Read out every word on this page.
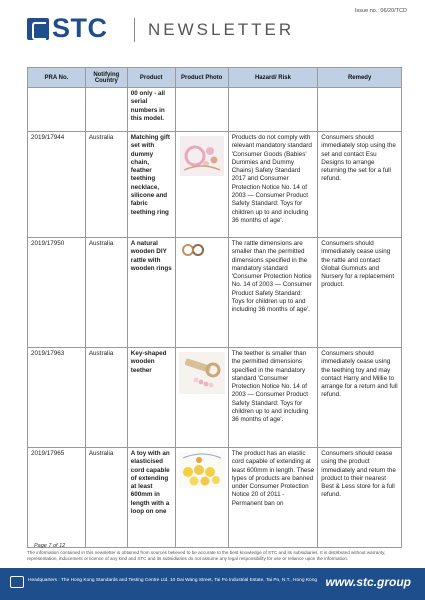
STC NEWSLETTER
Issue no.: 06/20/TCD
PRA No.	Notifying Country	Product	Product Photo	Hazard/ Risk	Remedy
		00 only - all serial numbers in this model.			
2019/17944	Australia	Matching gift set with dummy chain, feather teething necklace, silicone and fabric teething ring		Products do not comply with relevant mandatory standard 'Consumer Goods (Babies' Dummies and Dummy Chains) Safety Standard 2017 and Consumer Protection Notice No. 14 of 2003 — Consumer Product Safety Standard: Toys for children up to and including 36 months of age'.	Consumers should immediately stop using the set and contact Esu Designs to arrange returning the set for a full refund.
2019/17950	Australia	A natural wooden DIY rattle with wooden rings		The rattle dimensions are smaller than the permitted dimensions specified in the mandatory standard 'Consumer Protection Notice No. 14 of 2003 — Consumer Product Safety Standard: Toys for children up to and including 36 months of age'.	Consumers should immediately cease using the rattle and contact Global Gumnuts and Nursery for a replacement product.
2019/17963	Australia	Key-shaped wooden teether		The teether is smaller than the permitted dimensions specified in the mandatory standard 'Consumer Protection Notice No. 14 of 2003 — Consumer Product Safety Standard: Toys for children up to and including 36 months of age'.	Consumers should immediately cease using the teething toy and may contact Harry and Millie to arrange for a return and full refund.
2019/17965	Australia	A toy with an elasticised cord capable of extending at least 600mm in length with a loop on one		The product has an elastic cord capable of extending at least 600mm in length. These types of products are banned under Consumer Protection Notice 20 of 2011 - Permanent ban on	Consumers should cease using the product immediately and return the product to their nearest Best & Less store for a full refund.
Page 7 of 12
The information contained in this newsletter is obtained from sources believed to be accurate to the best knowledge of STC and its subsidiaries. It is distributed without warranty, representation, inducement or licence of any kind and STC and its subsidiaries do not assume any legal responsibility for use or reliance upon the information.
Headquarters : The Hong Kong Standards and Testing Centre Ltd. 10 Dai Wang Street, Tai Po Industrial Estate, Tai Po, N.T., Hong Kong www.stc.group
